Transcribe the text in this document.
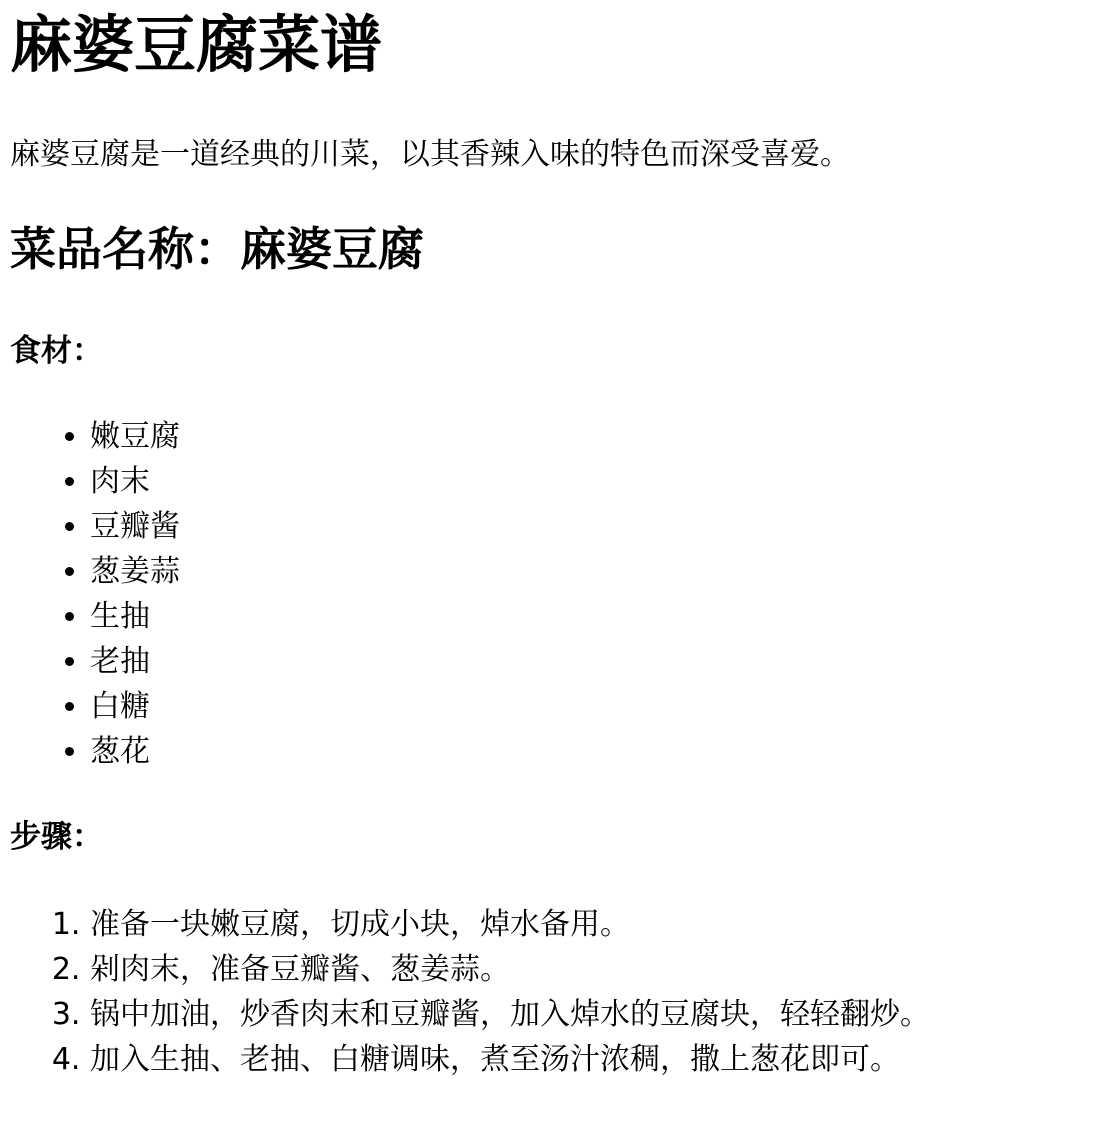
麻婆豆腐菜谱

麻婆豆腐是一道经典的川菜，以其香辣入味的特色而深受喜爱。

菜品名称：麻婆豆腐
食材：
• 嫩豆腐
• 肉末
• 豆瓣酱
• 葱姜蒜
• 生抽
• 老抽
• 白糖
• 葱花
步骤：
1. 准备一块嫩豆腐，切成小块，焯水备用。
2. 剁肉末，准备豆瓣酱、葱姜蒜。
3. 锅中加油，炒香肉末和豆瓣酱，加入焯水的豆腐块，轻轻翻炒。
4. 加入生抽、老抽、白糖调味，煮至汤汁浓稠，撒上葱花即可。
